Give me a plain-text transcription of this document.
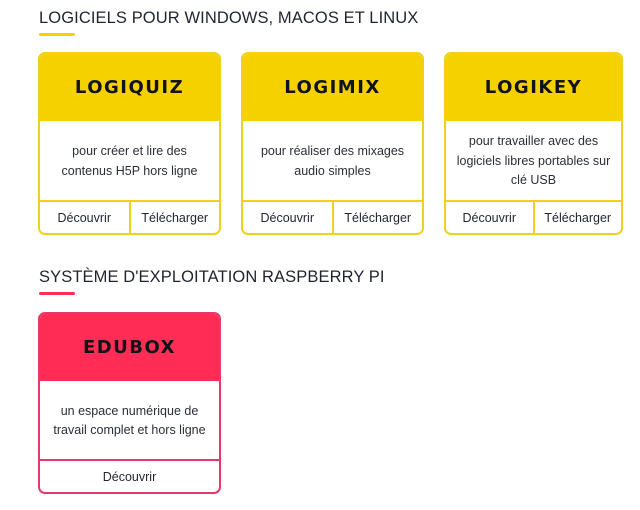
LOGICIELS POUR WINDOWS, MACOS ET LINUX
LOGIQUIZ
pour créer et lire des contenus H5P hors ligne
Découvrir	Télécharger
LOGIMIX
pour réaliser des mixages audio simples
Découvrir	Télécharger
LOGIKEY
pour travailler avec des logiciels libres portables sur clé USB
Découvrir	Télécharger
SYSTÈME D'EXPLOITATION RASPBERRY PI
EDUBOX
un espace numérique de travail complet et hors ligne
Découvrir
